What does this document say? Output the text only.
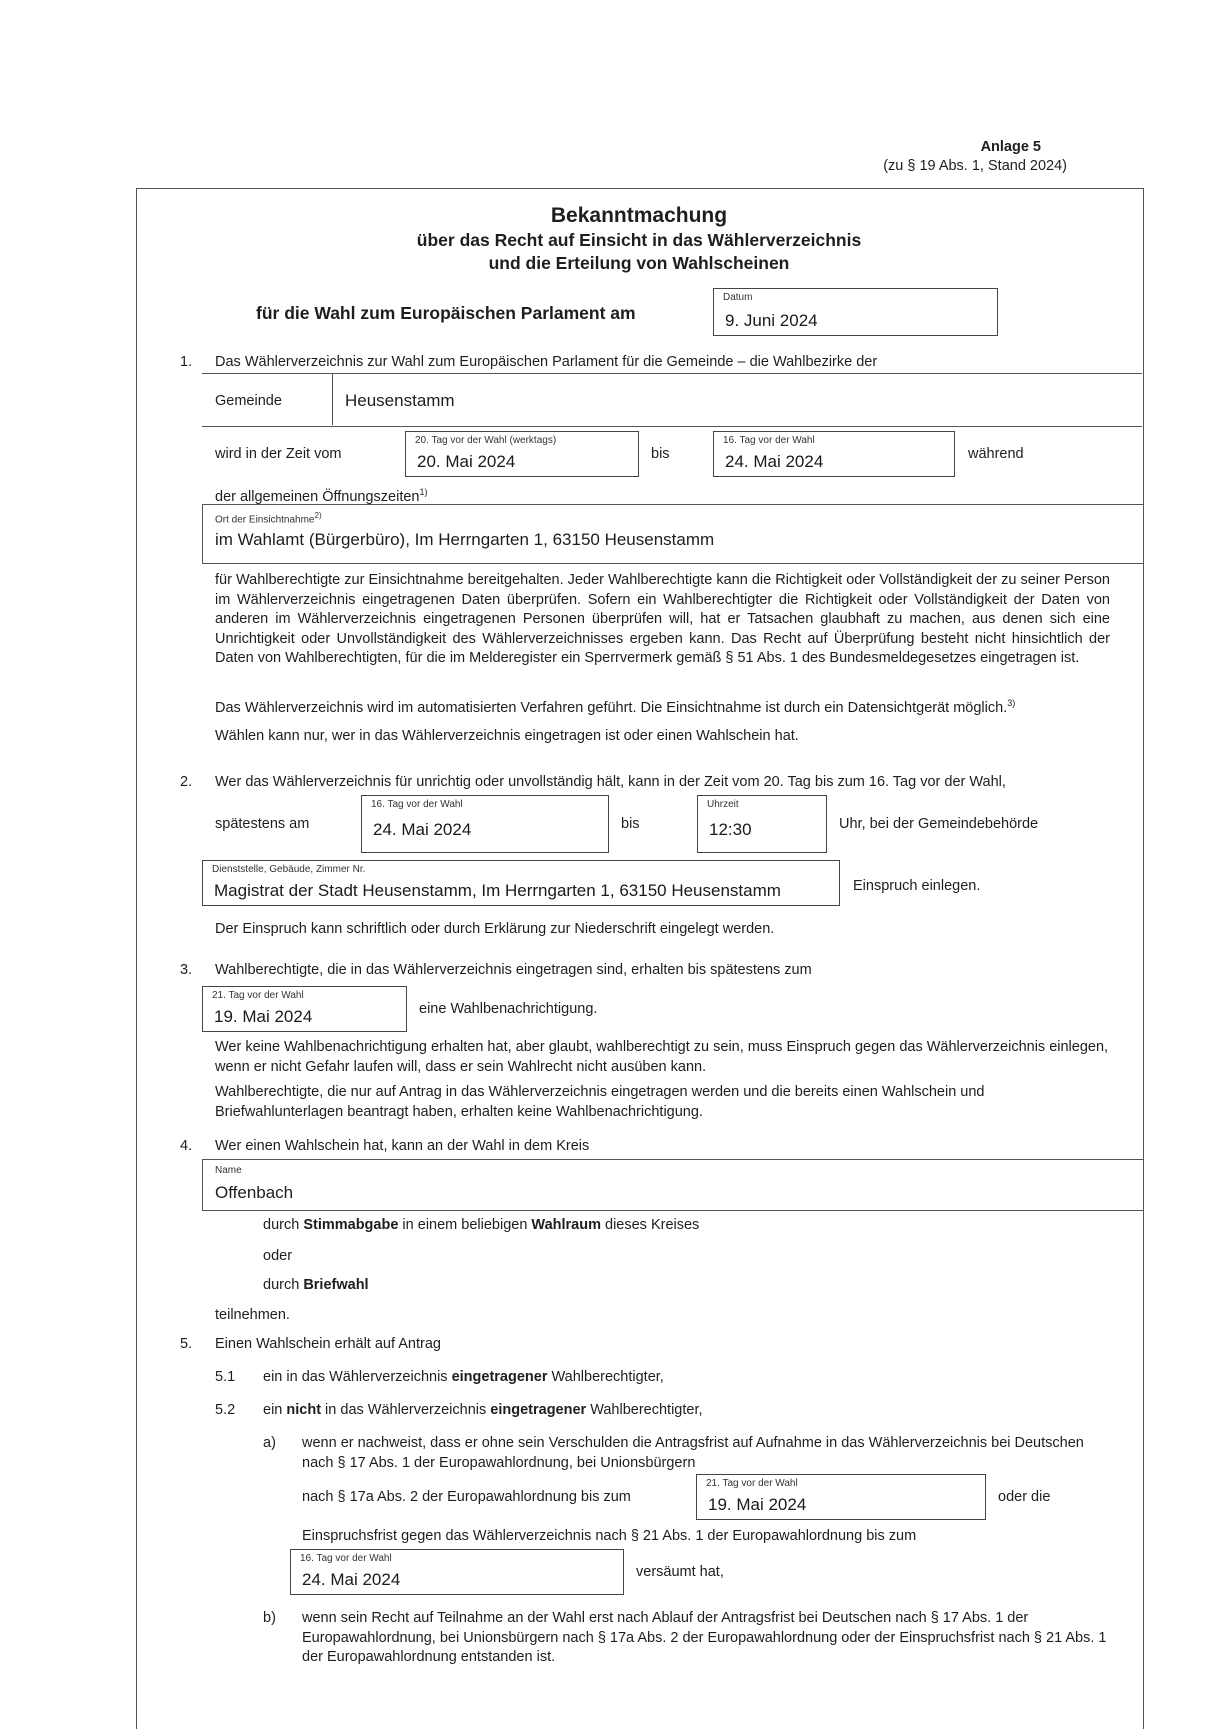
Anlage 5
(zu § 19 Abs. 1, Stand 2024)
Bekanntmachung
über das Recht auf Einsicht in das Wählerverzeichnis
und die Erteilung von Wahlscheinen
für die Wahl zum Europäischen Parlament am
Datum
9. Juni 2024
1. Das Wählerverzeichnis zur Wahl zum Europäischen Parlament für die Gemeinde – die Wahlbezirke der
Gemeinde	Heusenstamm
wird in der Zeit vom
20. Tag vor der Wahl (werktags)
20. Mai 2024	bis
16. Tag vor der Wahl
24. Mai 2024	während
der allgemeinen Öffnungszeiten$^{1)}$
Ort der Einsichtnahme$^{2)}$
im Wahlamt (Bürgerbüro), Im Herrngarten 1, 63150 Heusenstamm
für Wahlberechtigte zur Einsichtnahme bereitgehalten. Jeder Wahlberechtigte kann die Richtigkeit oder Vollständigkeit der zu seiner Person im Wählerverzeichnis eingetragenen Daten überprüfen. Sofern ein Wahlberechtigter die Richtigkeit oder Vollständigkeit der Daten von anderen im Wählerverzeichnis eingetragenen Personen überprüfen will, hat er Tatsachen glaubhaft zu machen, aus denen sich eine Unrichtigkeit oder Unvollständigkeit des Wählerverzeichnisses ergeben kann. Das Recht auf Überprüfung besteht nicht hinsichtlich der Daten von Wahlberechtigten, für die im Melderegister ein Sperrvermerk gemäß § 51 Abs. 1 des Bundesmeldegesetzes eingetragen ist.
Das Wählerverzeichnis wird im automatisierten Verfahren geführt. Die Einsichtnahme ist durch ein Datensichtgerät möglich.$^{3)}$
Wählen kann nur, wer in das Wählerverzeichnis eingetragen ist oder einen Wahlschein hat.
2. Wer das Wählerverzeichnis für unrichtig oder unvollständig hält, kann in der Zeit vom 20. Tag bis zum 16. Tag vor der Wahl,
spätestens am
16. Tag vor der Wahl
24. Mai 2024	bis
Uhrzeit
12:30	Uhr, bei der Gemeindebehörde
Dienststelle, Gebäude, Zimmer Nr.
Magistrat der Stadt Heusenstamm, Im Herrngarten 1, 63150 Heusenstamm	Einspruch einlegen.
Der Einspruch kann schriftlich oder durch Erklärung zur Niederschrift eingelegt werden.
3. Wahlberechtigte, die in das Wählerverzeichnis eingetragen sind, erhalten bis spätestens zum
21. Tag vor der Wahl
19. Mai 2024	eine Wahlbenachrichtigung.
Wer keine Wahlbenachrichtigung erhalten hat, aber glaubt, wahlberechtigt zu sein, muss Einspruch gegen das Wählerverzeichnis einlegen, wenn er nicht Gefahr laufen will, dass er sein Wahlrecht nicht ausüben kann.
Wahlberechtigte, die nur auf Antrag in das Wählerverzeichnis eingetragen werden und die bereits einen Wahlschein und Briefwahlunterlagen beantragt haben, erhalten keine Wahlbenachrichtigung.
4. Wer einen Wahlschein hat, kann an der Wahl in dem Kreis
Name
Offenbach
durch Stimmabgabe in einem beliebigen Wahlraum dieses Kreises
oder
durch Briefwahl
teilnehmen.
5. Einen Wahlschein erhält auf Antrag
5.1 ein in das Wählerverzeichnis eingetragener Wahlberechtigter,
5.2 ein nicht in das Wählerverzeichnis eingetragener Wahlberechtigter,
a) wenn er nachweist, dass er ohne sein Verschulden die Antragsfrist auf Aufnahme in das Wählerverzeichnis bei Deutschen nach § 17 Abs. 1 der Europawahlordnung, bei Unionsbürgern
nach § 17a Abs. 2 der Europawahlordnung bis zum
21. Tag vor der Wahl
19. Mai 2024	oder die
Einspruchsfrist gegen das Wählerverzeichnis nach § 21 Abs. 1 der Europawahlordnung bis zum
16. Tag vor der Wahl
24. Mai 2024	versäumt hat,
b) wenn sein Recht auf Teilnahme an der Wahl erst nach Ablauf der Antragsfrist bei Deutschen nach § 17 Abs. 1 der Europawahlordnung, bei Unionsbürgern nach § 17a Abs. 2 der Europawahlordnung oder der Einspruchsfrist nach § 21 Abs. 1 der Europawahlordnung entstanden ist.
